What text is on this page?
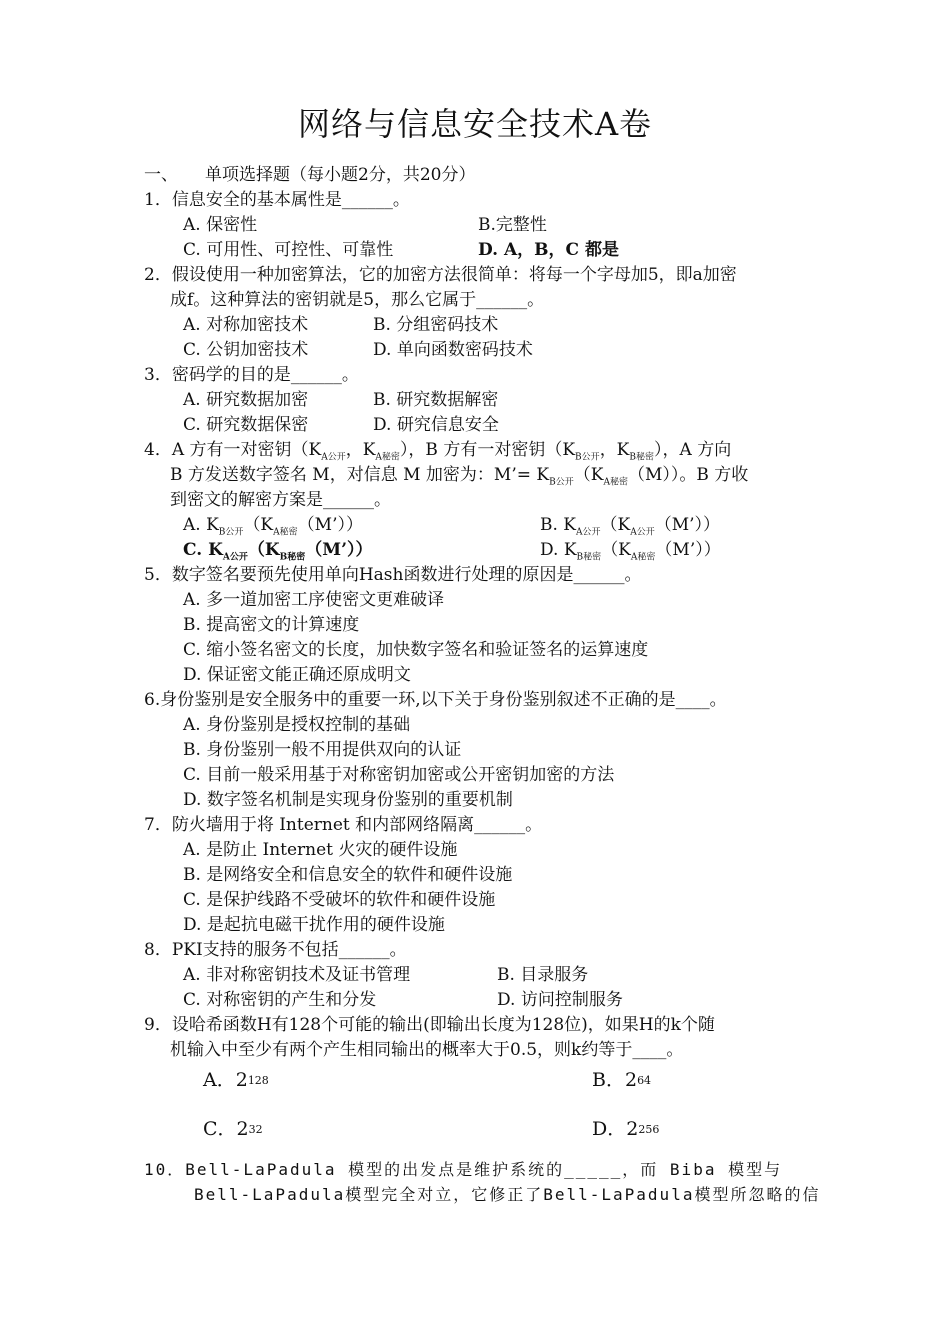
网络与信息安全技术A卷
一、 单项选择题（每小题2分，共20分）
1．信息安全的基本属性是______。
A. 保密性	B.完整性
C. 可用性、可控性、可靠性	D. A，B，C 都是
2．假设使用一种加密算法，它的加密方法很简单：将每一个字母加5，即a加密
成f。这种算法的密钥就是5，那么它属于______。
A. 对称加密技术	B. 分组密码技术
C. 公钥加密技术	D. 单向函数密码技术
3．密码学的目的是______。
A. 研究数据加密	B. 研究数据解密
C. 研究数据保密	D. 研究信息安全
4．A 方有一对密钥（$K_{A公开}$，$K_{A秘密}$），B 方有一对密钥（$K_{B公开}$，$K_{B秘密}$），A 方向
B 方发送数字签名 M，对信息 M 加密为：M’= $K_{B公开}(K_{A秘密}(M))$。B 方收
到密文的解密方案是______。
A. $K_{B公开}(K_{A秘密}(M’))$	B. $K_{A公开}(K_{A公开}(M’))$
C. $K_{A公开}(K_{B秘密}(M’))$	D. $K_{B秘密}(K_{A秘密}(M’))$
5．数字签名要预先使用单向Hash函数进行处理的原因是______。
A. 多一道加密工序使密文更难破译
B. 提高密文的计算速度
C. 缩小签名密文的长度，加快数字签名和验证签名的运算速度
D. 保证密文能正确还原成明文
6.身份鉴别是安全服务中的重要一环,以下关于身份鉴别叙述不正确的是____。
A. 身份鉴别是授权控制的基础
B. 身份鉴别一般不用提供双向的认证
C. 目前一般采用基于对称密钥加密或公开密钥加密的方法
D. 数字签名机制是实现身份鉴别的重要机制
7．防火墙用于将 Internet 和内部网络隔离______。
A. 是防止 Internet 火灾的硬件设施
B. 是网络安全和信息安全的软件和硬件设施
C. 是保护线路不受破坏的软件和硬件设施
D. 是起抗电磁干扰作用的硬件设施
8．PKI支持的服务不包括______。
A. 非对称密钥技术及证书管理	B. 目录服务
C. 对称密钥的产生和分发	D. 访问控制服务
9．设哈希函数H有128个可能的输出(即输出长度为128位)，如果H的k个随
机输入中至少有两个产生相同输出的概率大于0.5，则k约等于____。
A．2128	B．264
C．232	D．2256
10．Bell-LaPadula 模型的出发点是维护系统的_____，而 Biba 模型与
Bell-LaPadula模型完全对立，它修正了Bell-LaPadula模型所忽略的信
